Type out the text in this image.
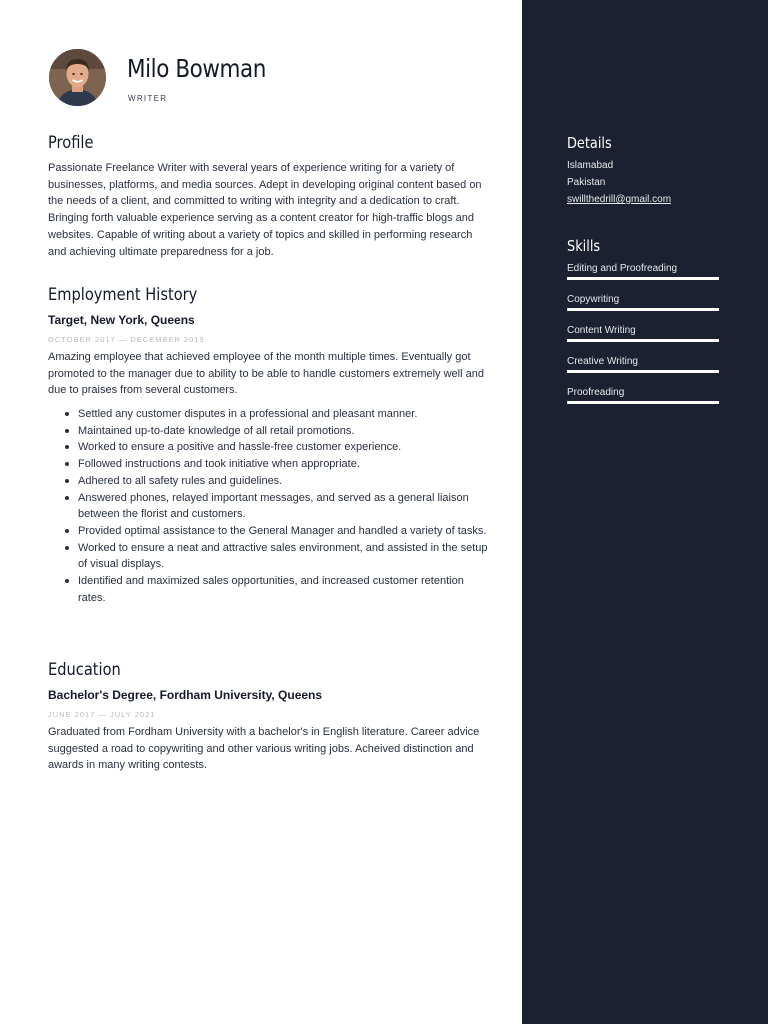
Milo Bowman
WRITER
Profile
Passionate Freelance Writer with several years of experience writing for a variety of businesses, platforms, and media sources. Adept in developing original content based on the needs of a client, and committed to writing with integrity and a dedication to craft. Bringing forth valuable experience serving as a content creator for high-traffic blogs and websites. Capable of writing about a variety of topics and skilled in performing research and achieving ultimate preparedness for a job.
Employment History
Target, New York, Queens
OCTOBER 2017 — DECEMBER 2019
Amazing employee that achieved employee of the month multiple times. Eventually got promoted to the manager due to ability to be able to handle customers extremely well and due to praises from several customers.
Settled any customer disputes in a professional and pleasant manner.
Maintained up-to-date knowledge of all retail promotions.
Worked to ensure a positive and hassle-free customer experience.
Followed instructions and took initiative when appropriate.
Adhered to all safety rules and guidelines.
Answered phones, relayed important messages, and served as a general liaison between the florist and customers.
Provided optimal assistance to the General Manager and handled a variety of tasks.
Worked to ensure a neat and attractive sales environment, and assisted in the setup of visual displays.
Identified and maximized sales opportunities, and increased customer retention rates.
Education
Bachelor's Degree, Fordham University, Queens
JUNE 2017 — JULY 2021
Graduated from Fordham University with a bachelor's in English literature. Career advice suggested a road to copywriting and other various writing jobs. Acheived distinction and awards in many writing contests.
Details
Islamabad
Pakistan
swillthedrill@gmail.com
Skills
Editing and Proofreading
Copywriting
Content Writing
Creative Writing
Proofreading
